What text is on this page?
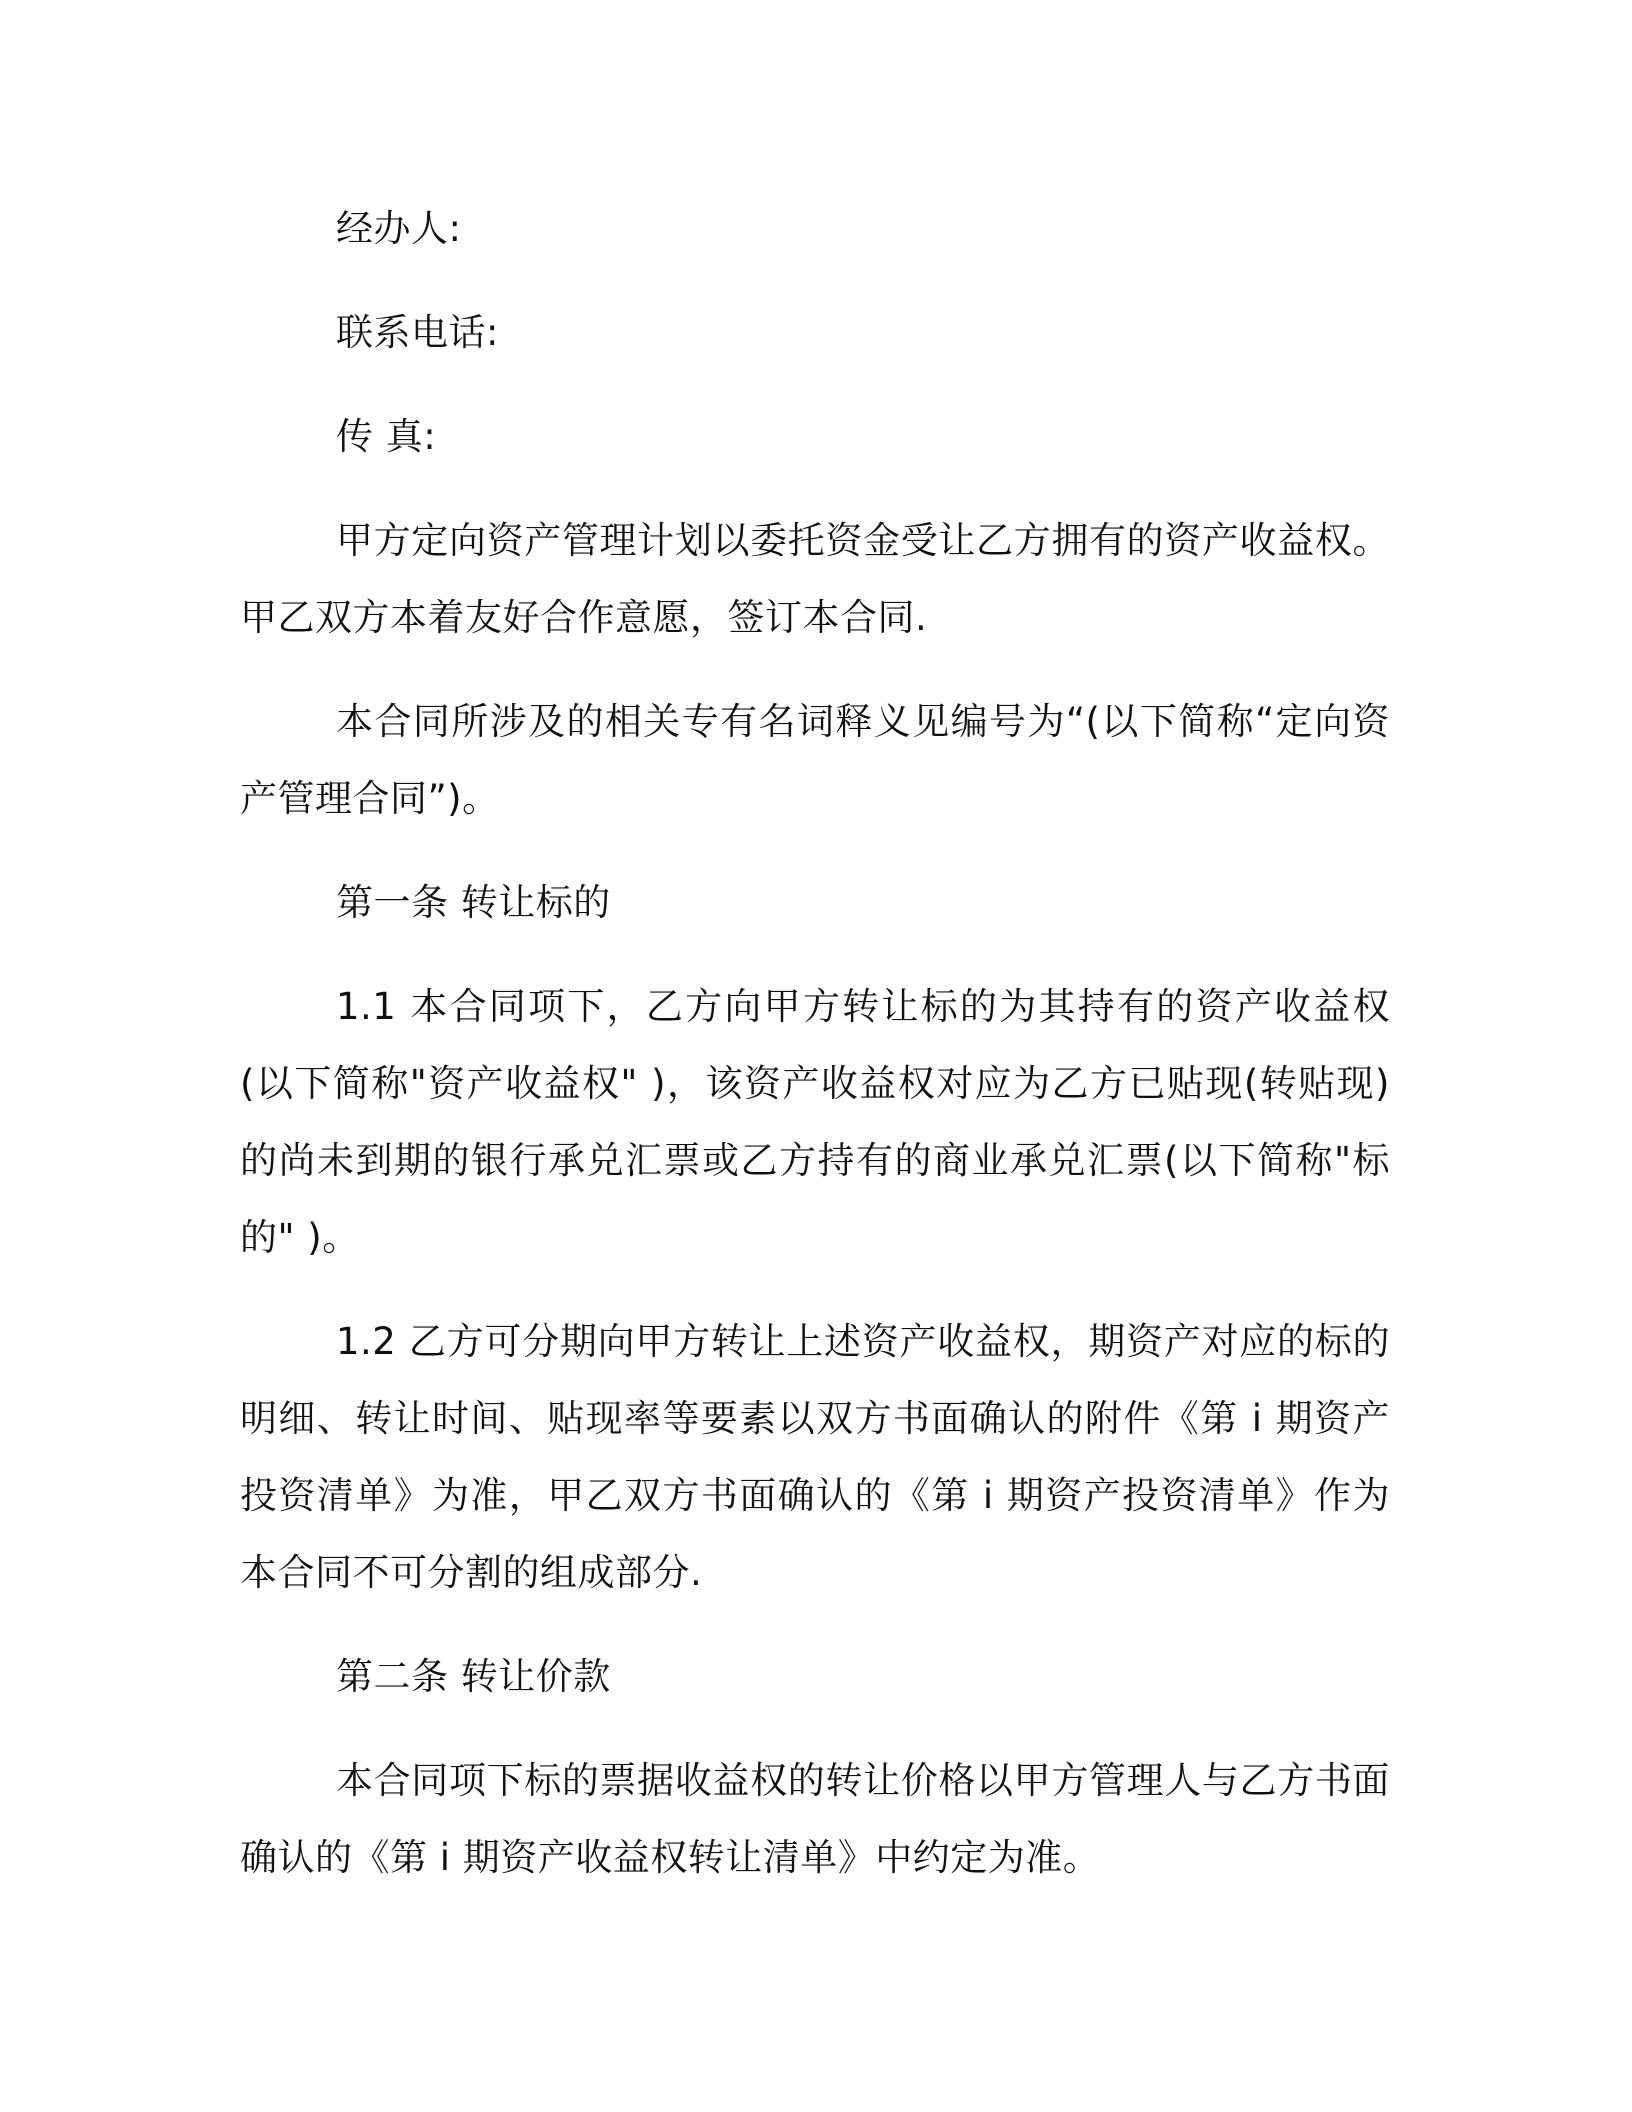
经办人:

联系电话:

传 真:

甲方定向资产管理计划以委托资金受让乙方拥有的资产收益权。甲乙双方本着友好合作意愿，签订本合同.

本合同所涉及的相关专有名词释义见编号为“(以下简称“定向资产管理合同”)。

第一条 转让标的

1.1 本合同项下，乙方向甲方转让标的为其持有的资产收益权(以下简称"资产收益权" )，该资产收益权对应为乙方已贴现(转贴现)的尚未到期的银行承兑汇票或乙方持有的商业承兑汇票(以下简称"标的" )。

1.2 乙方可分期向甲方转让上述资产收益权，期资产对应的标的明细、转让时间、贴现率等要素以双方书面确认的附件《第 i 期资产投资清单》为准，甲乙双方书面确认的《第 i 期资产投资清单》作为本合同不可分割的组成部分.

第二条 转让价款

本合同项下标的票据收益权的转让价格以甲方管理人与乙方书面确认的《第 i 期资产收益权转让清单》中约定为准。
